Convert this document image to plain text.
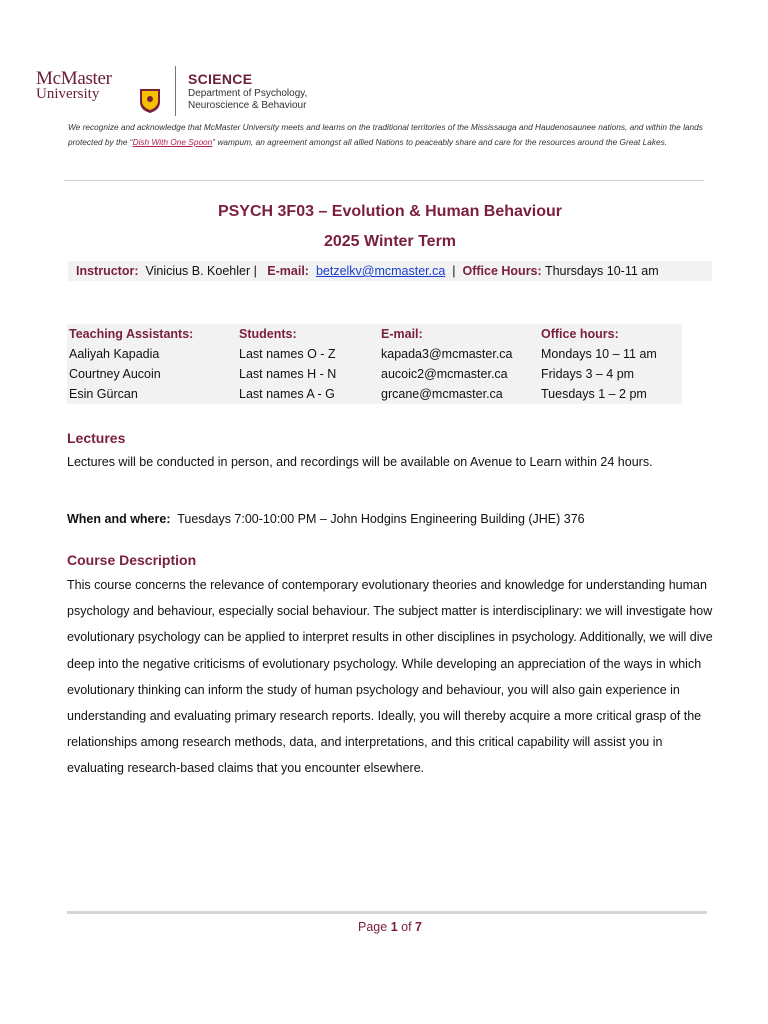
McMaster
University
SCIENCE
Department of Psychology,
Neuroscience & Behaviour
We recognize and acknowledge that McMaster University meets and learns on the traditional territories of the Mississauga and Haudenosaunee nations, and within the lands protected by the “Dish With One Spoon” wampum, an agreement amongst all allied Nations to peaceably share and care for the resources around the Great Lakes.
PSYCH 3F03 – Evolution & Human Behaviour
2025 Winter Term
Instructor: Vinicius B. Koehler | E-mail: betzelkv@mcmaster.ca | Office Hours: Thursdays 10-11 am
Teaching Assistants:	Students:	E-mail:	Office hours:
Aaliyah Kapadia	Last names O - Z	kapada3@mcmaster.ca	Mondays 10 – 11 am
Courtney Aucoin	Last names H - N	aucoic2@mcmaster.ca	Fridays 3 – 4 pm
Esin Gürcan	Last names A - G	grcane@mcmaster.ca	Tuesdays 1 – 2 pm
Lectures
Lectures will be conducted in person, and recordings will be available on Avenue to Learn within 24 hours.
When and where: Tuesdays 7:00-10:00 PM – John Hodgins Engineering Building (JHE) 376
Course Description
This course concerns the relevance of contemporary evolutionary theories and knowledge for understanding human psychology and behaviour, especially social behaviour. The subject matter is interdisciplinary: we will investigate how evolutionary psychology can be applied to interpret results in other disciplines in psychology. Additionally, we will dive deep into the negative criticisms of evolutionary psychology. While developing an appreciation of the ways in which evolutionary thinking can inform the study of human psychology and behaviour, you will also gain experience in understanding and evaluating primary research reports. Ideally, you will thereby acquire a more critical grasp of the relationships among research methods, data, and interpretations, and this critical capability will assist you in evaluating research-based claims that you encounter elsewhere.
Page 1 of 7
